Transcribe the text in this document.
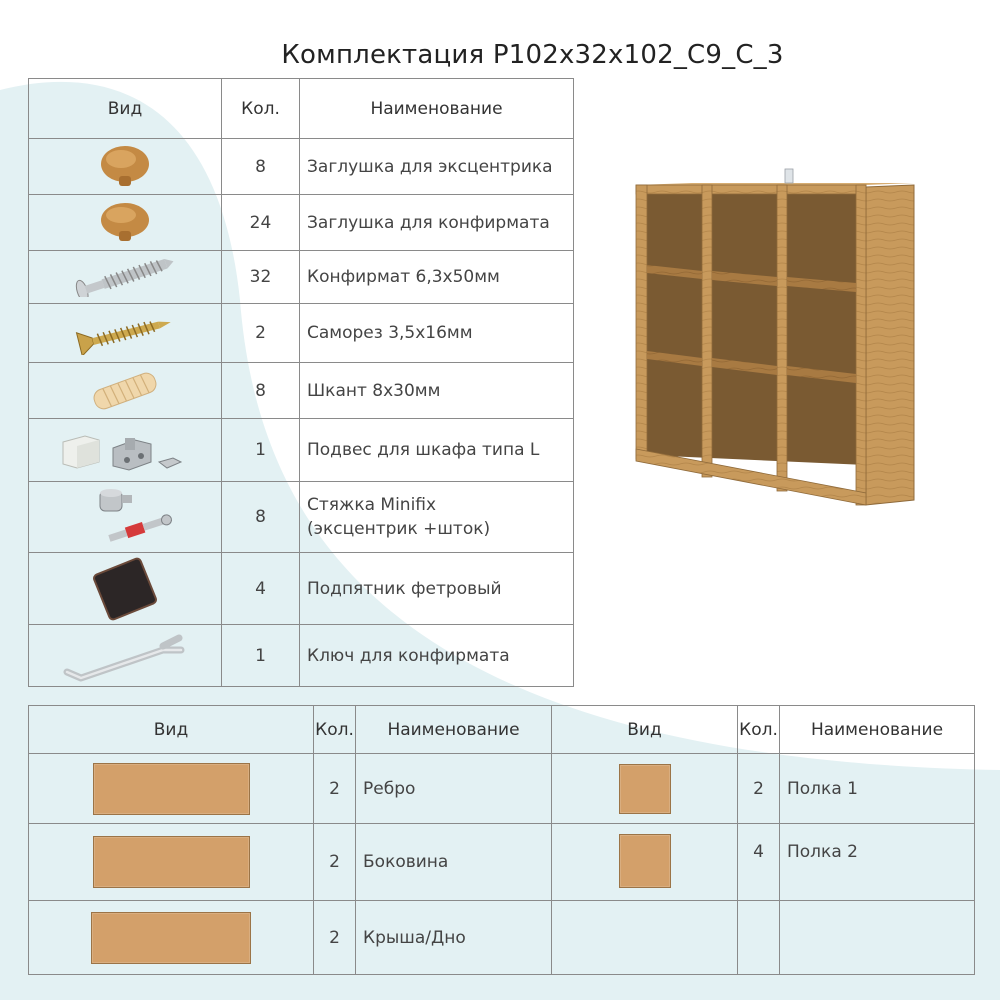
Комплектация Р102x32x102_С9_С_3
Вид	Кол.	Наименование

	8	Заглушка для эксцентрика

	24	Заглушка для конфирмата

	32	Конфирмат 6,3x50мм

	2	Саморез 3,5x16мм

	8	Шкант 8x30мм

	1	Подвес для шкафа типа L

	8	Стяжка Minifix
(эксцентрик +шток)

	4	Подпятник фетровый

	1	Ключ для конфирмата
Вид	Кол.	Наименование	Вид	Кол.	Наименование

	2	Ребро		2	Полка 1

	2	Боковина		4	Полка 2

	2	Крыша/Дно			
